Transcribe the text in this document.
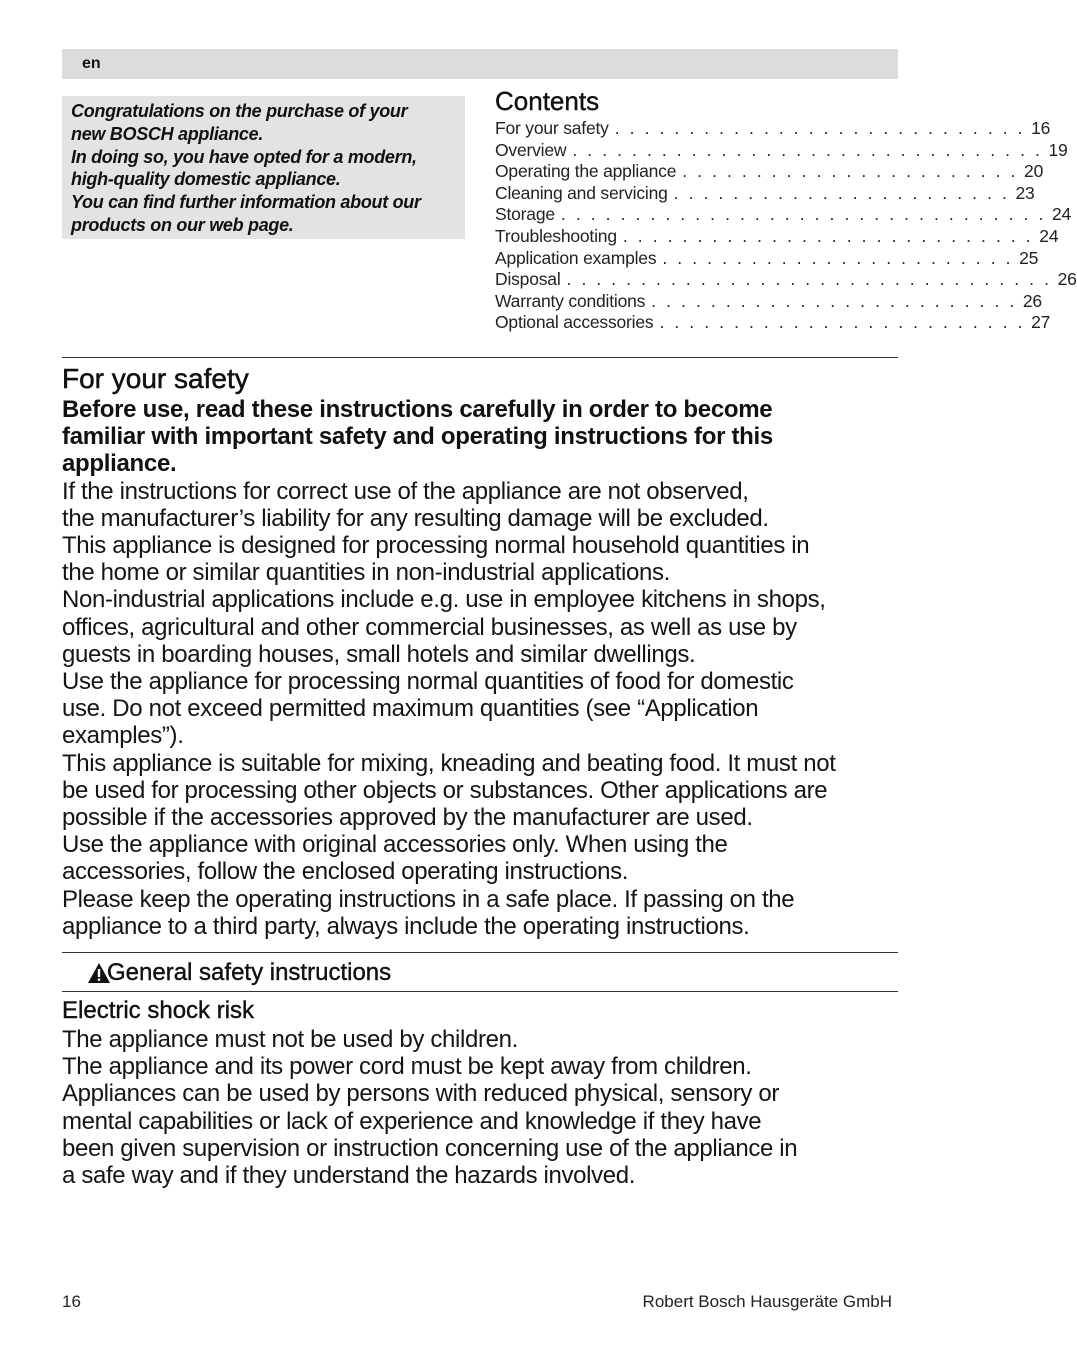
en

Congratulations on the purchase of your

new BOSCH appliance.

In doing so, you have opted for a modern,

high-quality domestic appliance.

You can find further information about our

products on our web page.

Contents
For your safety . . . . . . . . . . . . . . . . . . . . . . . . . . . . 16
Overview . . . . . . . . . . . . . . . . . . . . . . . . . . . . . . . . 19
Operating the appliance . . . . . . . . . . . . . . . . . . . . . . . 20
Cleaning and servicing . . . . . . . . . . . . . . . . . . . . . . . 23
Storage . . . . . . . . . . . . . . . . . . . . . . . . . . . . . . . . . 24
Troubleshooting . . . . . . . . . . . . . . . . . . . . . . . . . . . . 24
Application examples . . . . . . . . . . . . . . . . . . . . . . . . 25
Disposal . . . . . . . . . . . . . . . . . . . . . . . . . . . . . . . . . 26
Warranty conditions . . . . . . . . . . . . . . . . . . . . . . . . . 26
Optional accessories . . . . . . . . . . . . . . . . . . . . . . . . . 27
For your safety

Before use, read these instructions carefully in order to become

familiar with important safety and operating instructions for this

appliance.

If the instructions for correct use of the appliance are not observed,

the manufacturer’s liability for any resulting damage will be excluded.

This appliance is designed for processing normal household quantities in

the home or similar quantities in non-industrial applications.

Non-industrial applications include e.g. use in employee kitchens in shops,

offices, agricultural and other commercial businesses, as well as use by

guests in boarding houses, small hotels and similar dwellings.

Use the appliance for processing normal quantities of food for domestic

use. Do not exceed permitted maximum quantities (see “Application

examples”).

This appliance is suitable for mixing, kneading and beating food. It must not

be used for processing other objects or substances. Other applications are

possible if the accessories approved by the manufacturer are used.

Use the appliance with original accessories only. When using the

accessories, follow the enclosed operating instructions.

Please keep the operating instructions in a safe place. If passing on the

appliance to a third party, always include the operating instructions.

General safety instructions
Electric shock risk

The appliance must not be used by children.

The appliance and its power cord must be kept away from children.

Appliances can be used by persons with reduced physical, sensory or

mental capabilities or lack of experience and knowledge if they have

been given supervision or instruction concerning use of the appliance in

a safe way and if they understand the hazards involved.

16	Robert Bosch Hausgeräte GmbH
